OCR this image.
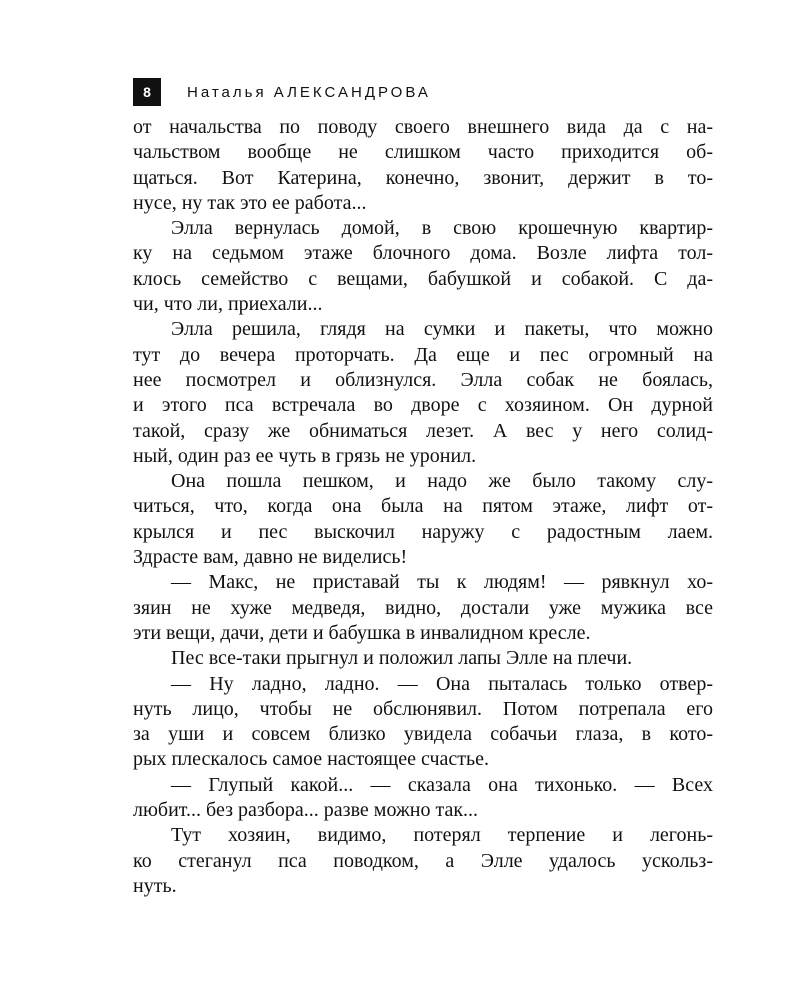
8	Наталья АЛЕКСАНДРОВА
от начальства по поводу своего внешнего вида да с на-
чальством вообще не слишком часто приходится об-
щаться. Вот Катерина, конечно, звонит, держит в то-
нусе, ну так это ее работа...
Элла вернулась домой, в свою крошечную квартир-
ку на седьмом этаже блочного дома. Возле лифта тол-
клось семейство с вещами, бабушкой и собакой. С да-
чи, что ли, приехали...
Элла решила, глядя на сумки и пакеты, что можно
тут до вечера проторчать. Да еще и пес огромный на
нее посмотрел и облизнулся. Элла собак не боялась,
и этого пса встречала во дворе с хозяином. Он дурной
такой, сразу же обниматься лезет. А вес у него солид-
ный, один раз ее чуть в грязь не уронил.
Она пошла пешком, и надо же было такому слу-
читься, что, когда она была на пятом этаже, лифт от-
крылся и пес выскочил наружу с радостным лаем.
Здрасте вам, давно не виделись!
— Макс, не приставай ты к людям! — рявкнул хо-
зяин не хуже медведя, видно, достали уже мужика все
эти вещи, дачи, дети и бабушка в инвалидном кресле.
Пес все-таки прыгнул и положил лапы Элле на плечи.
— Ну ладно, ладно. — Она пыталась только отвер-
нуть лицо, чтобы не обслюнявил. Потом потрепала его
за уши и совсем близко увидела собачьи глаза, в кото-
рых плескалось самое настоящее счастье.
— Глупый какой... — сказала она тихонько. — Всех
любит... без разбора... разве можно так...
Тут хозяин, видимо, потерял терпение и легонь-
ко стеганул пса поводком, а Элле удалось ускольз-
нуть.
